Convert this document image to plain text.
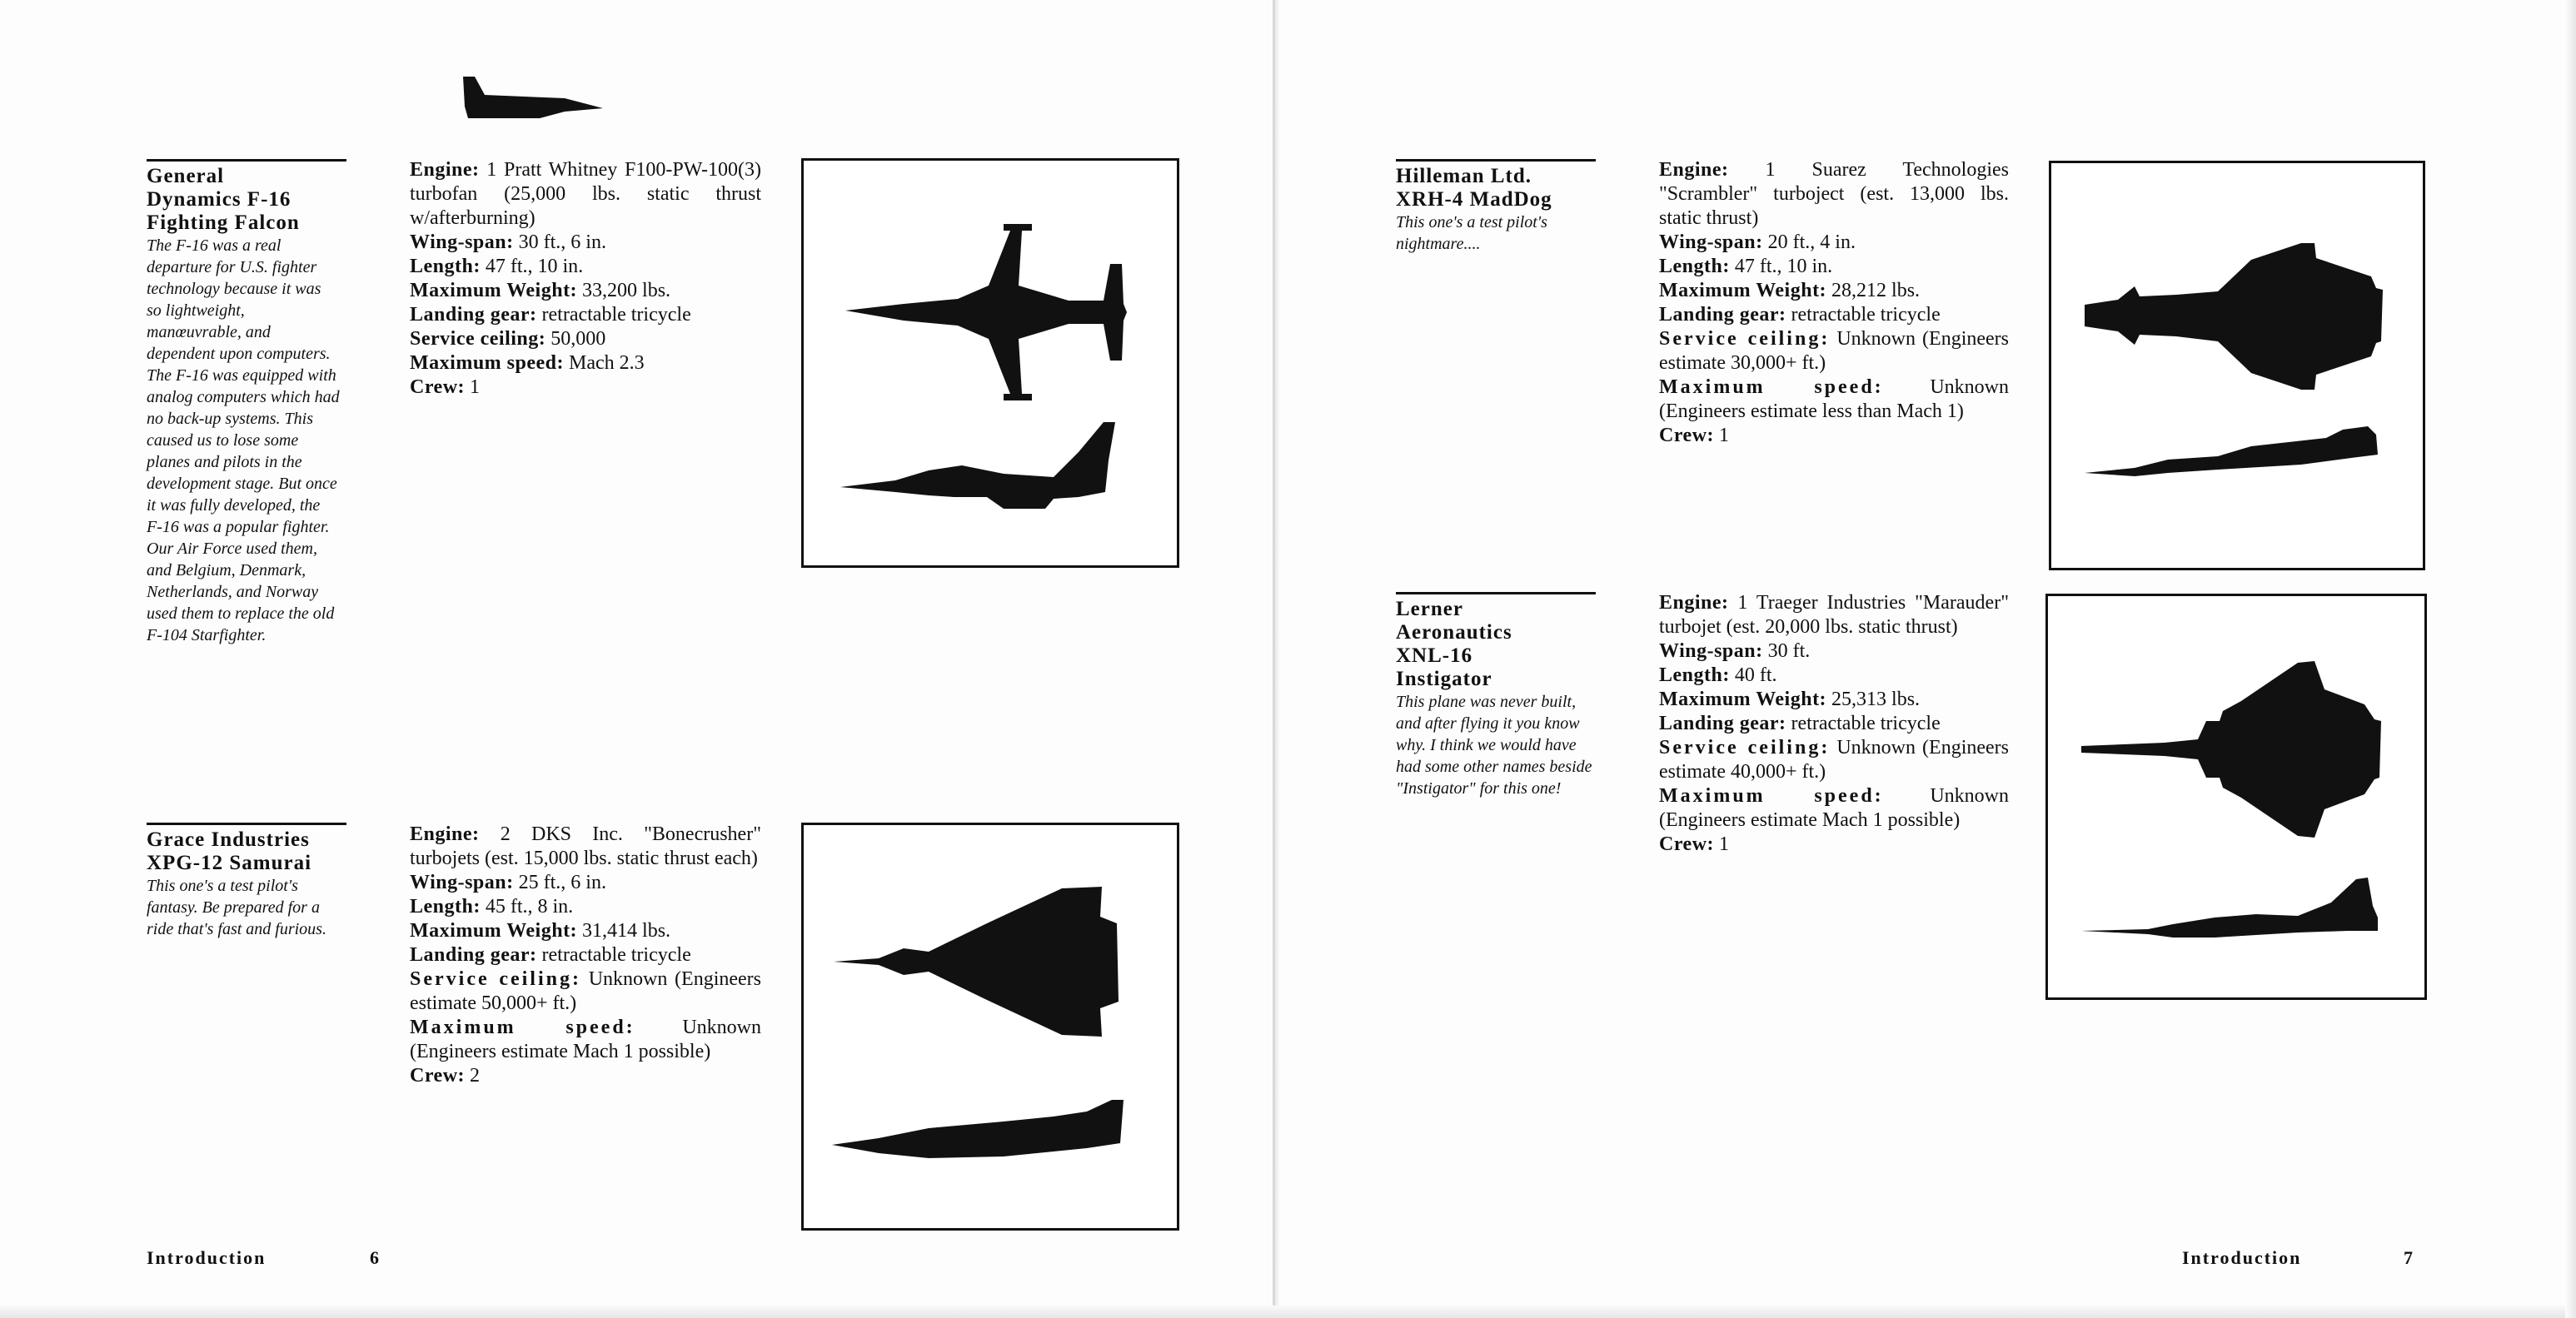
General
Dynamics F-16
Fighting Falcon
The F-16 was a real departure for U.S. fighter technology because it was so lightweight, manœuvrable, and dependent upon computers. The F-16 was equipped with analog computers which had no back-up systems. This caused us to lose some planes and pilots in the development stage. But once it was fully developed, the F-16 was a popular fighter. Our Air Force used them, and Belgium, Denmark, Netherlands, and Norway used them to replace the old F-104 Starfighter.

Engine: 1 Pratt Whitney F100-PW-100(3) turbofan (25,000 lbs. static thrust w/afterburning)

Wing-span: 30 ft., 6 in.

Length: 47 ft., 10 in.

Maximum Weight: 33,200 lbs.

Landing gear: retractable tricycle

Service ceiling: 50,000

Maximum speed: Mach 2.3

Crew: 1

Grace Industries
XPG-12 Samurai
This one's a test pilot's fantasy. Be prepared for a ride that's fast and furious.

Engine: 2 DKS Inc. "Bonecrusher" turbojets (est. 15,000 lbs. static thrust each)

Wing-span: 25 ft., 6 in.

Length: 45 ft., 8 in.

Maximum Weight: 31,414 lbs.

Landing gear: retractable tricycle

Service ceiling: Unknown (Engineers estimate 50,000+ ft.)

Maximum speed: Unknown (Engineers estimate Mach 1 possible)

Crew: 2

Hilleman Ltd.
XRH-4 MadDog
This one's a test pilot's nightmare....

Engine: 1 Suarez Technologies "Scrambler" turboject (est. 13,000 lbs. static thrust)

Wing-span: 20 ft., 4 in.

Length: 47 ft., 10 in.

Maximum Weight: 28,212 lbs.

Landing gear: retractable tricycle

Service ceiling: Unknown (Engineers estimate 30,000+ ft.)

Maximum speed: Unknown (Engineers estimate less than Mach 1)

Crew: 1

Lerner
Aeronautics
XNL-16
Instigator
This plane was never built, and after flying it you know why. I think we would have had some other names beside "Instigator" for this one!

Engine: 1 Traeger Industries "Marauder" turbojet (est. 20,000 lbs. static thrust)

Wing-span: 30 ft.

Length: 40 ft.

Maximum Weight: 25,313 lbs.

Landing gear: retractable tricycle

Service ceiling: Unknown (Engineers estimate 40,000+ ft.)

Maximum speed: Unknown (Engineers estimate Mach 1 possible)

Crew: 1

Introduction	6	Introduction	7
